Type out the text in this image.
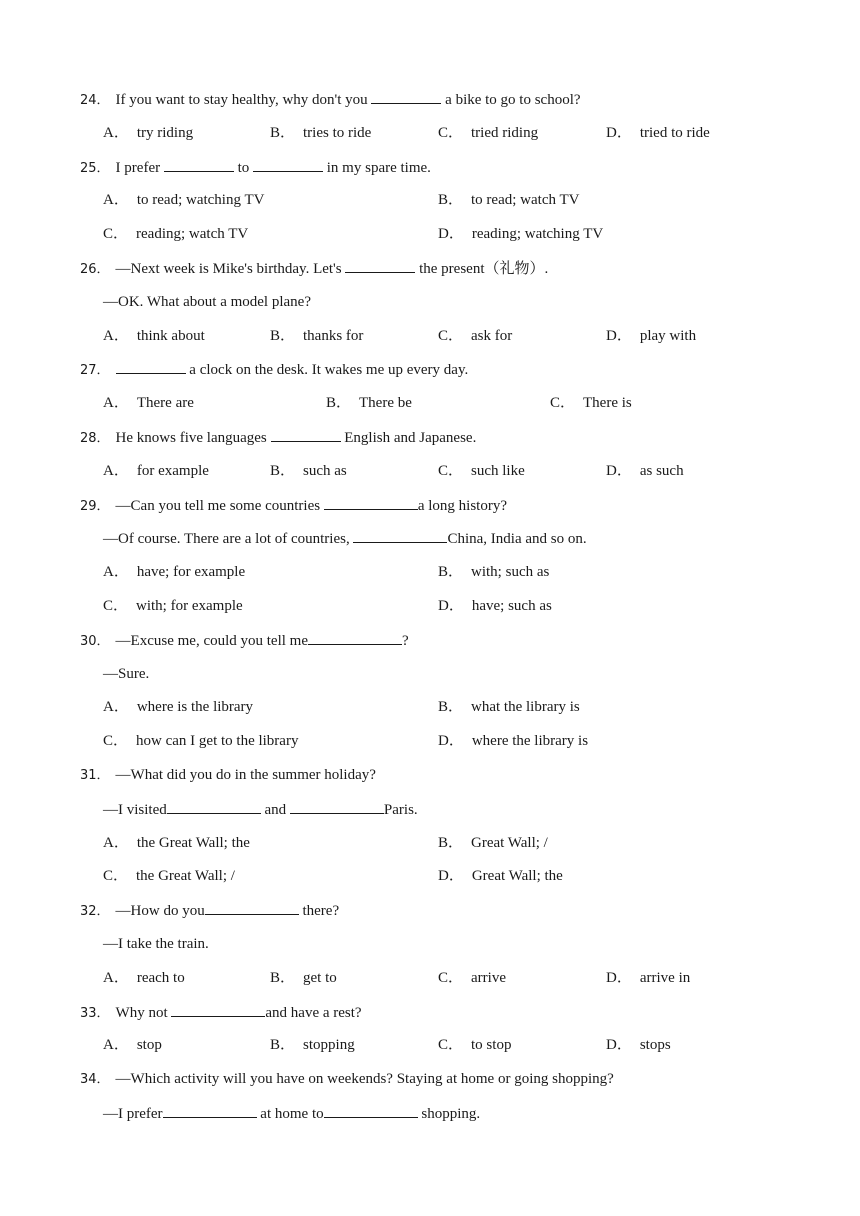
24． If you want to stay healthy, why don't you	a bike to go to school?
A． try riding	B． tries to ride	C． tried riding	D． tried to ride
25． I prefer	to	in my spare time.
A． to read; watching TV	B． to read; watch TV
C． reading; watch TV	D． reading; watching TV
26． —Next week is Mike's birthday. Let's	the present（礼物）.
—OK. What about a model plane?
A． think about	B． thanks for	C． ask for	D． play with
27．	a clock on the desk. It wakes me up every day.
A． There are	B． There be	C． There is
28． He knows five languages	English and Japanese.
A． for example	B． such as	C． such like	D． as such
29． —Can you tell me some countries	a long history?
—Of course. There are a lot of countries,	China, India and so on.
A． have; for example	B． with; such as
C． with; for example	D． have; such as
30． —Excuse me, could you tell me	?
—Sure.
A． where is the library	B． what the library is
C． how can I get to the library	D． where the library is
31． —What did you do in the summer holiday?
—I visited	and	Paris.
A． the Great Wall; the	B． Great Wall; /
C． the Great Wall; /	D． Great Wall; the
32． —How do you	there?
—I take the train.
A． reach to	B． get to	C． arrive	D． arrive in
33． Why not	and have a rest?
A． stop	B． stopping	C． to stop	D． stops
34． —Which activity will you have on weekends? Staying at home or going shopping?
—I prefer	at home to	shopping.
